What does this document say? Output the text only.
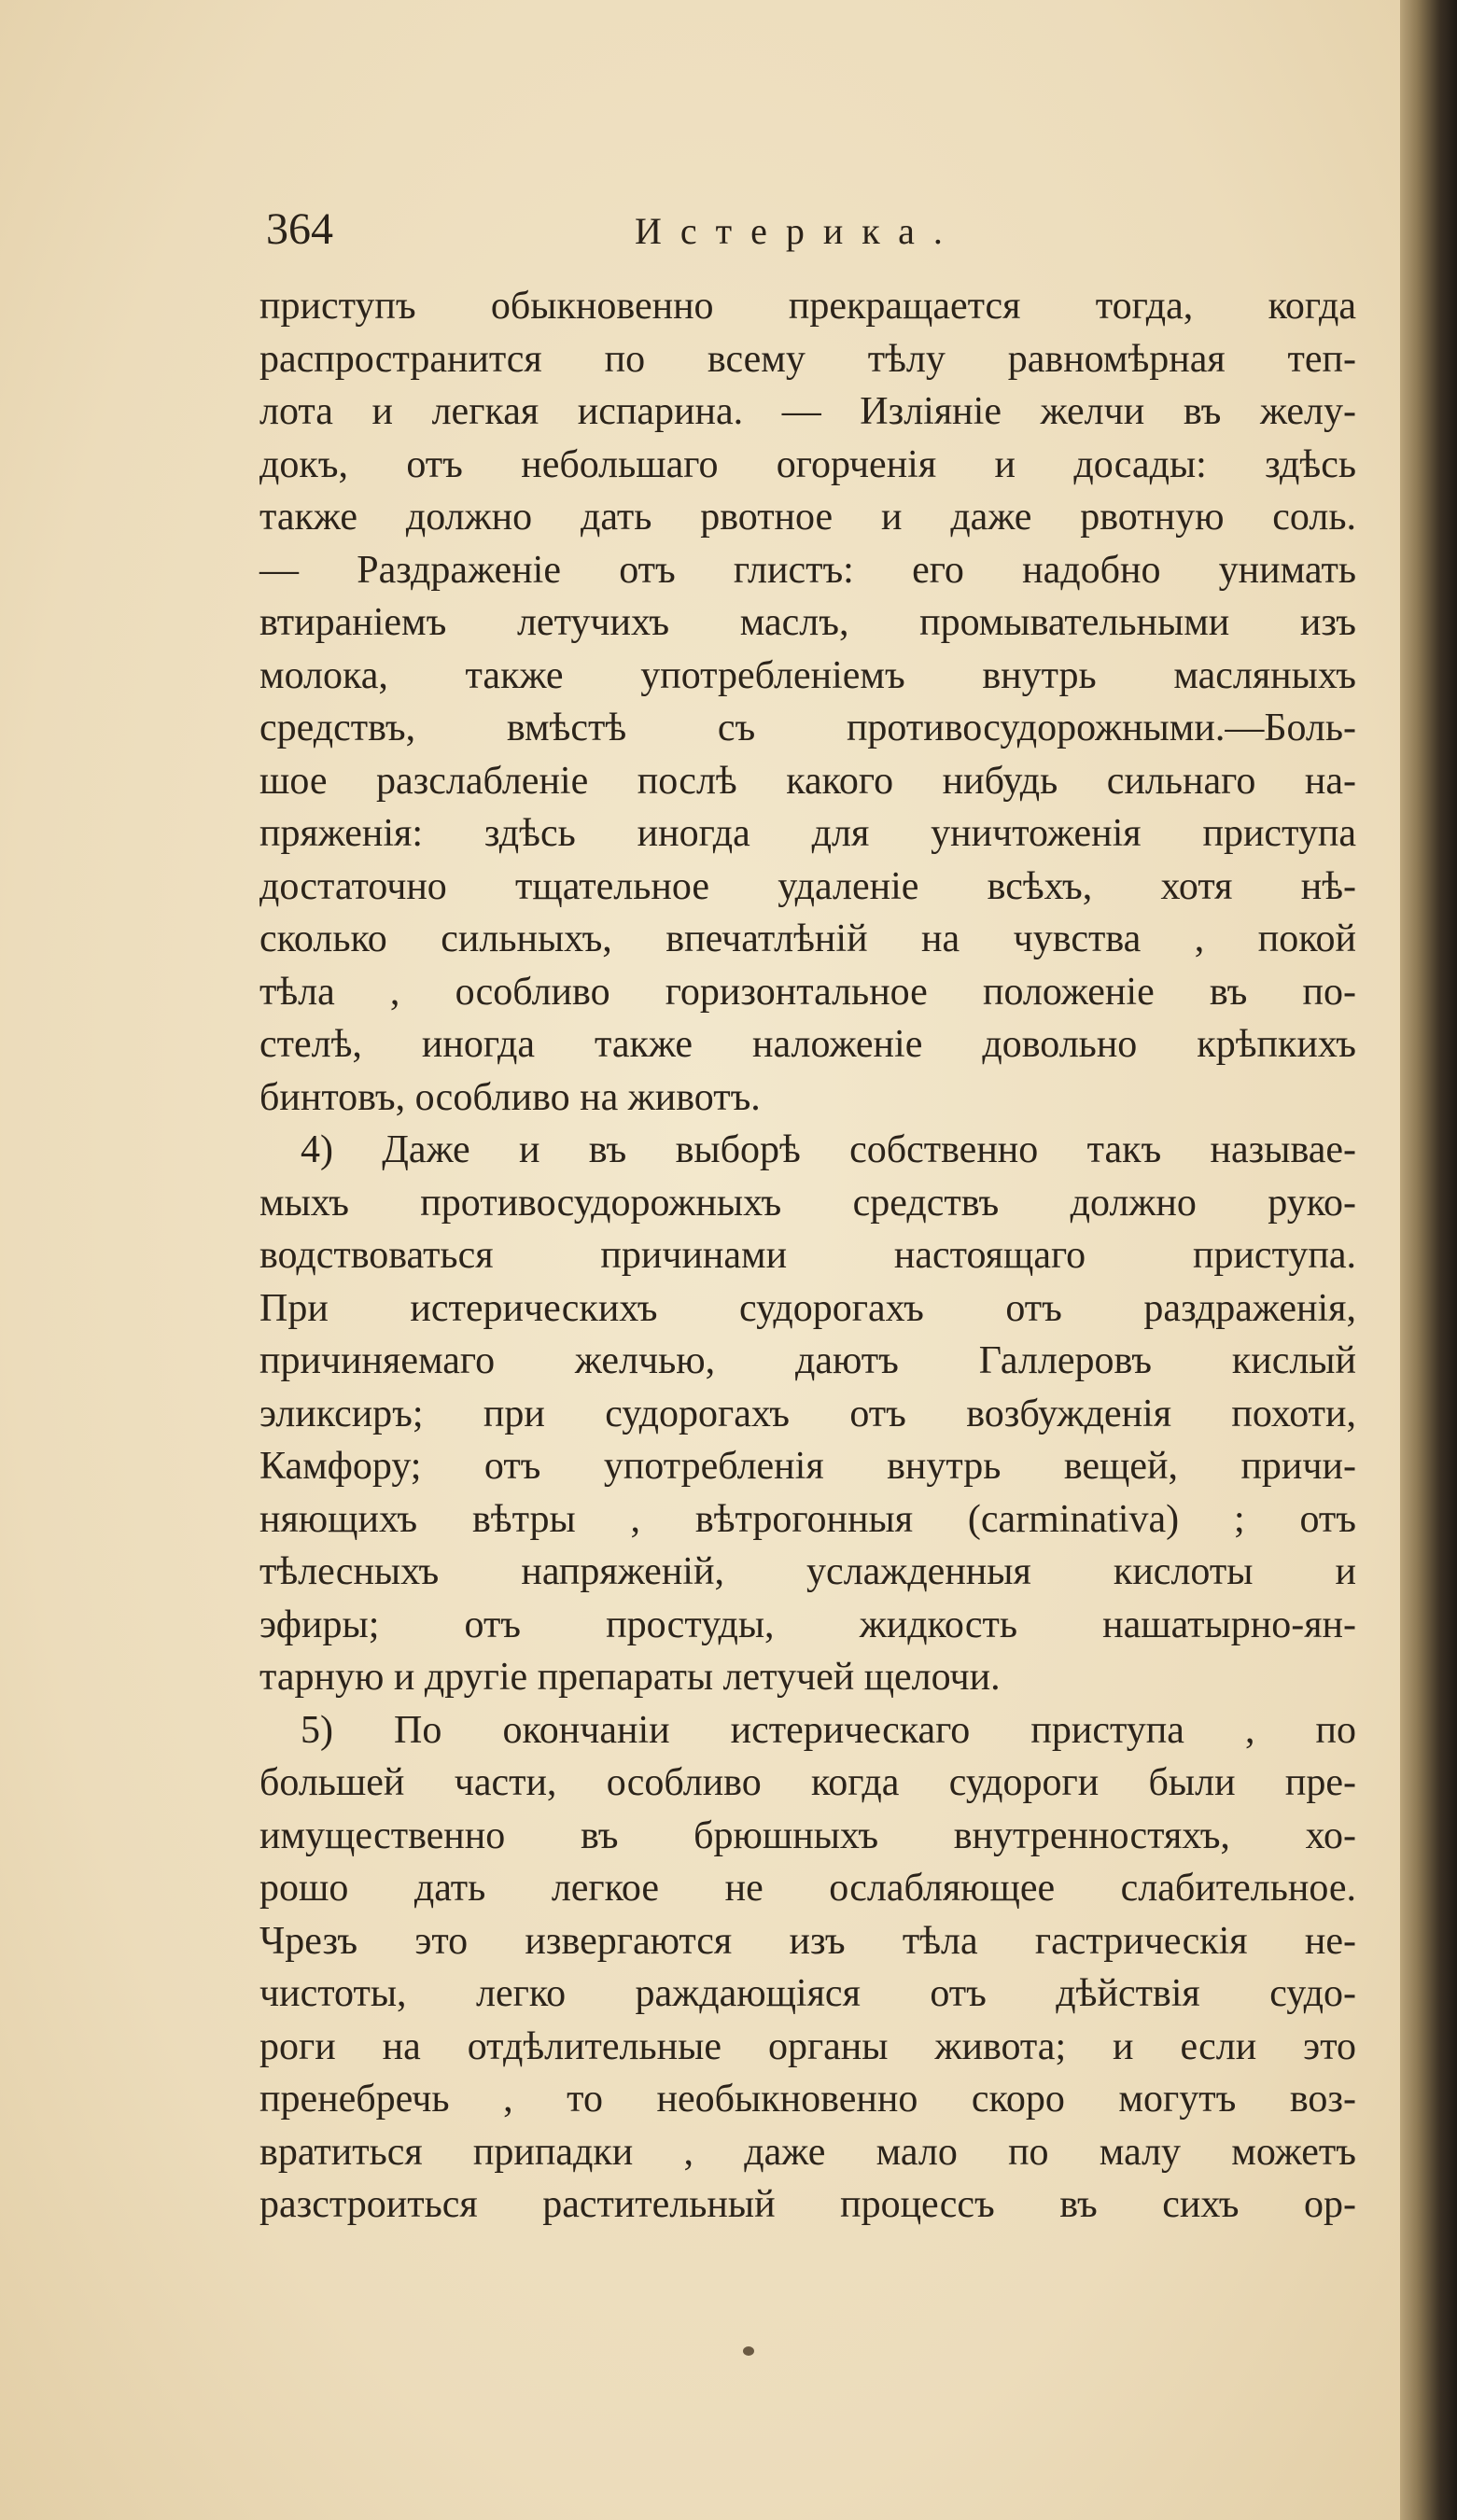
364	Истерика.
приступъ обыкновенно прекращается тогда, когда
распространится по всему тѣлу равномѣрная теп-
лота и легкая испарина. — Изліяніе желчи въ желу-
докъ, отъ небольшаго огорченія и досады: здѣсь
также должно дать рвотное и даже рвотную соль.
— Раздраженіе отъ глистъ: его надобно унимать
втираніемъ летучихъ маслъ, промывательными изъ
молока, также употребленіемъ внутрь масляныхъ
средствъ, вмѣстѣ съ противосудорожными.—Боль-
шое разслабленіе послѣ какого нибудь сильнаго на-
пряженія: здѣсь иногда для уничтоженія приступа
достаточно тщательное удаленіе всѣхъ, хотя нѣ-
сколько сильныхъ, впечатлѣній на чувства , покой
тѣла , особливо горизонтальное положеніе въ по-
стелѣ, иногда также наложеніе довольно крѣпкихъ
бинтовъ, особливо на животъ.
4) Даже и въ выборѣ собственно такъ называе-
мыхъ противосудорожныхъ средствъ должно руко-
водствоваться причинами настоящаго приступа.
При истерическихъ судорогахъ отъ раздраженія,
причиняемаго желчью, даютъ Галлеровъ кислый
эликсиръ; при судорогахъ отъ возбужденія похоти,
Камфору; отъ употребленія внутрь вещей, причи-
няющихъ вѣтры , вѣтрогонныя (carminativa) ; отъ
тѣлесныхъ напряженій, услажденныя кислоты и
эфиры; отъ простуды, жидкость нашатырно-ян-
тарную и другіе препараты летучей щелочи.
5) По окончаніи истерическаго приступа , по
большей части, особливо когда судороги были пре-
имущественно въ брюшныхъ внутренностяхъ, хо-
рошо дать легкое не ослабляющее слабительное.
Чрезъ это извергаются изъ тѣла гастрическія не-
чистоты, легко раждающіяся отъ дѣйствія судо-
роги на отдѣлительные органы живота; и если это
пренебречь , то необыкновенно скоро могутъ воз-
вратиться припадки , даже мало по малу можетъ
разстроиться растительный процессъ въ сихъ ор-
